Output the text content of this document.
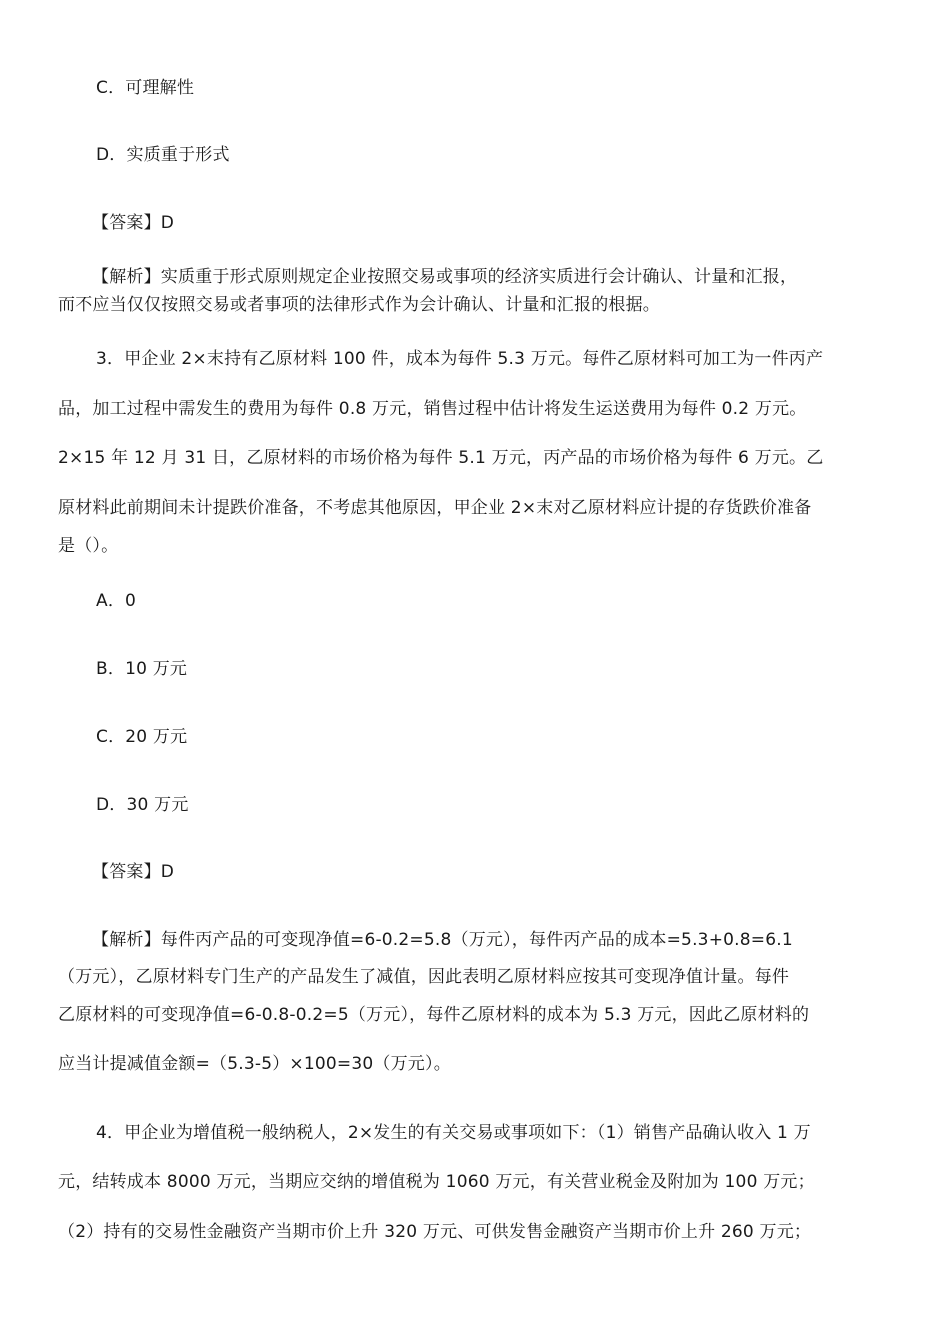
C．可理解性
D．实质重于形式
【答案】D
【解析】实质重于形式原则规定企业按照交易或事项的经济实质进行会计确认、计量和汇报，
而不应当仅仅按照交易或者事项的法律形式作为会计确认、计量和汇报的根据。
3．甲企业 2×末持有乙原材料 100 件，成本为每件 5.3 万元。每件乙原材料可加工为一件丙产
品，加工过程中需发生的费用为每件 0.8 万元，销售过程中估计将发生运送费用为每件 0.2 万元。
2×15 年 12 月 31 日，乙原材料的市场价格为每件 5.1 万元，丙产品的市场价格为每件 6 万元。乙
原材料此前期间未计提跌价准备，不考虑其他原因，甲企业 2×末对乙原材料应计提的存货跌价准备
是（）。
A．0
B．10 万元
C．20 万元
D．30 万元
【答案】D
【解析】每件丙产品的可变现净值=6-0.2=5.8（万元），每件丙产品的成本=5.3+0.8=6.1
（万元），乙原材料专门生产的产品发生了减值，因此表明乙原材料应按其可变现净值计量。每件
乙原材料的可变现净值=6-0.8-0.2=5（万元），每件乙原材料的成本为 5.3 万元，因此乙原材料的
应当计提减值金额=（5.3-5）×100=30（万元）。
4．甲企业为增值税一般纳税人，2×发生的有关交易或事项如下：（1）销售产品确认收入 1 万
元，结转成本 8000 万元，当期应交纳的增值税为 1060 万元，有关营业税金及附加为 100 万元；
（2）持有的交易性金融资产当期市价上升 320 万元、可供发售金融资产当期市价上升 260 万元；
